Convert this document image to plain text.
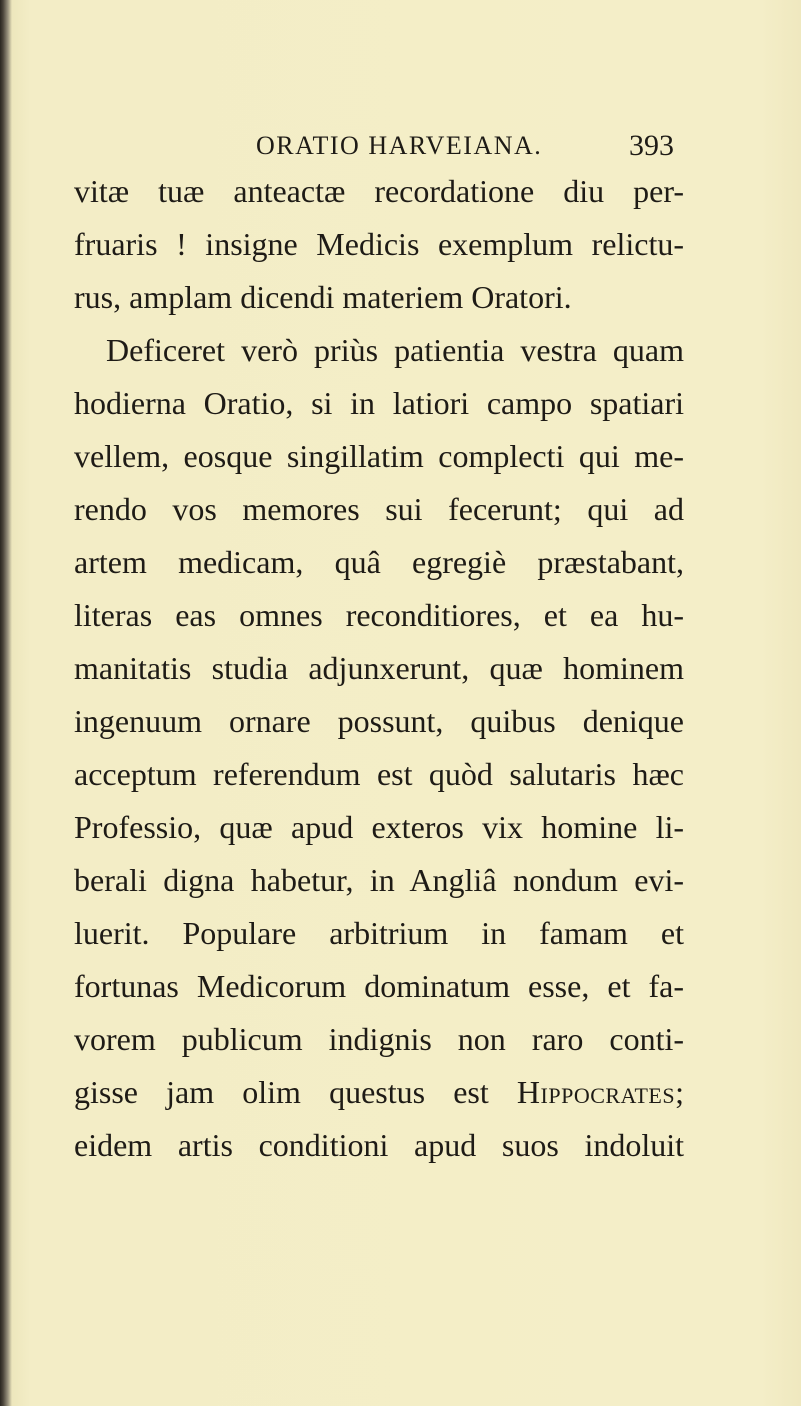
ORATIO HARVEIANA.	393
vitæ tuæ anteactæ recordatione diu per-
fruaris ! insigne Medicis exemplum relictu-
rus, amplam dicendi materiem Oratori.
Deficeret verò priùs patientia vestra quam
hodierna Oratio, si in latiori campo spatiari
vellem, eosque singillatim complecti qui me-
rendo vos memores sui fecerunt; qui ad
artem medicam, quâ egregiè præstabant,
literas eas omnes reconditiores, et ea hu-
manitatis studia adjunxerunt, quæ hominem
ingenuum ornare possunt, quibus denique
acceptum referendum est quòd salutaris hæc
Professio, quæ apud exteros vix homine li-
berali digna habetur, in Angliâ nondum evi-
luerit. Populare arbitrium in famam et
fortunas Medicorum dominatum esse, et fa-
vorem publicum indignis non raro conti-
gisse jam olim questus est Hippocrates;
eidem artis conditioni apud suos indoluit
